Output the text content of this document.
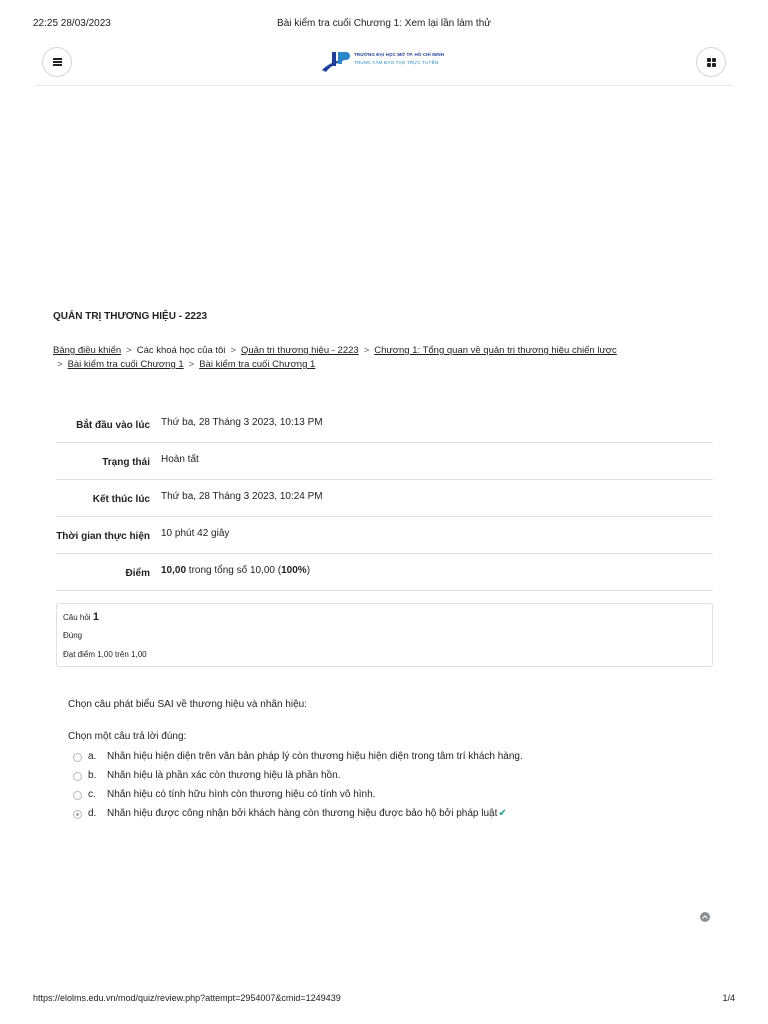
22:25 28/03/2023	Bài kiểm tra cuối Chương 1: Xem lại lần làm thử
TRƯỜNG ĐẠI HỌC MỞ TP. HỒ CHÍ MINH
TRUNG TÂM ĐÀO TẠO TRỰC TUYẾN
QUẢN TRỊ THƯƠNG HIỆU - 2223
Bảng điều khiển > Các khoá học của tôi > Quản trị thương hiệu - 2223 > Chương 1: Tổng quan về quản trị thương hiệu chiến lược
> Bài kiểm tra cuối Chương 1 > Bài kiểm tra cuối Chương 1
Bắt đầu vào lúc	Thứ ba, 28 Tháng 3 2023, 10:13 PM
Trạng thái	Hoàn tất
Kết thúc lúc	Thứ ba, 28 Tháng 3 2023, 10:24 PM
Thời gian thực hiện	10 phút 42 giây
Điểm	10,00 trong tổng số 10,00 (100%)
Câu hỏi 1
Đúng
Đạt điểm 1,00 trên 1,00
Chọn câu phát biểu SAI về thương hiệu và nhãn hiệu:
Chọn một câu trả lời đúng:
a. Nhãn hiệu hiện diện trên văn bản pháp lý còn thương hiệu hiện diện trong tâm trí khách hàng.
b. Nhãn hiệu là phần xác còn thương hiệu là phần hồn.
c. Nhãn hiệu có tính hữu hình còn thương hiệu có tính vô hình.
d. Nhãn hiệu được công nhận bởi khách hàng còn thương hiệu được bảo hộ bởi pháp luật✔
https://elolms.edu.vn/mod/quiz/review.php?attempt=2954007&cmid=1249439	1/4
